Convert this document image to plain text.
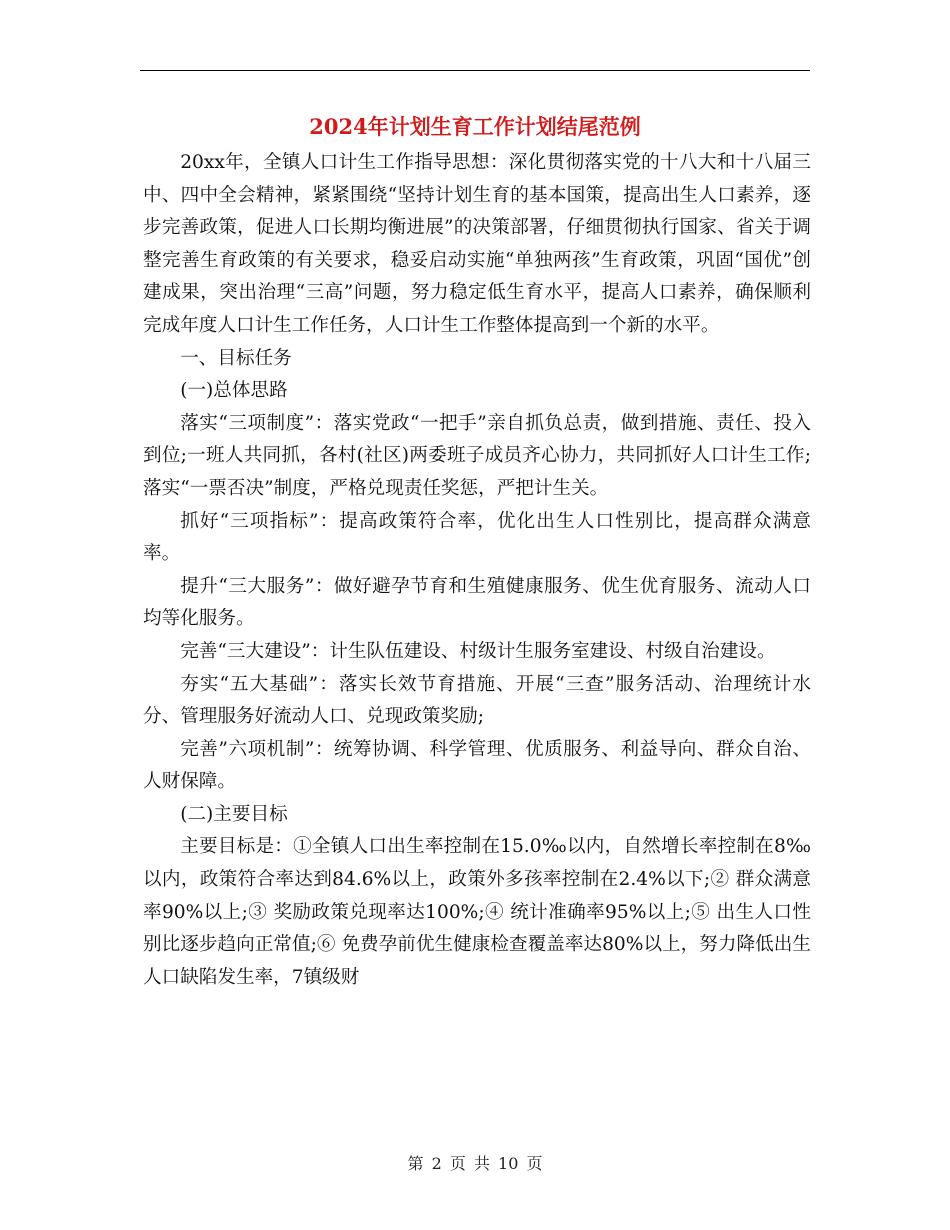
2024年计划生育工作计划结尾范例

20xx年，全镇人口计生工作指导思想：深化贯彻落实党的十八大和十八届三中、四中全会精神，紧紧围绕“坚持计划生育的基本国策，提高出生人口素养，逐步完善政策，促进人口长期均衡进展”的决策部署，仔细贯彻执行国家、省关于调整完善生育政策的有关要求，稳妥启动实施“单独两孩”生育政策，巩固“国优”创建成果，突出治理“三高”问题，努力稳定低生育水平，提高人口素养，确保顺利完成年度人口计生工作任务，人口计生工作整体提高到一个新的水平。

一、目标任务

(一)总体思路

落实“三项制度”：落实党政“一把手”亲自抓负总责，做到措施、责任、投入到位;一班人共同抓，各村(社区)两委班子成员齐心协力，共同抓好人口计生工作;落实“一票否决”制度，严格兑现责任奖惩，严把计生关。

抓好“三项指标”：提高政策符合率，优化出生人口性别比，提高群众满意率。

提升“三大服务”：做好避孕节育和生殖健康服务、优生优育服务、流动人口均等化服务。

完善“三大建设”：计生队伍建设、村级计生服务室建设、村级自治建设。

夯实“五大基础”：落实长效节育措施、开展“三查”服务活动、治理统计水分、管理服务好流动人口、兑现政策奖励;

完善”六项机制”：统筹协调、科学管理、优质服务、利益导向、群众自治、人财保障。

(二)主要目标

主要目标是：①全镇人口出生率控制在15.0‰以内，自然增长率控制在8‰以内，政策符合率达到84.6%以上，政策外多孩率控制在2.4%以下;② 群众满意率90%以上;③ 奖励政策兑现率达100%;④ 统计准确率95%以上;⑤ 出生人口性别比逐步趋向正常值;⑥ 免费孕前优生健康检查覆盖率达80%以上，努力降低出生人口缺陷发生率，7镇级财

第 2 页 共 10 页
